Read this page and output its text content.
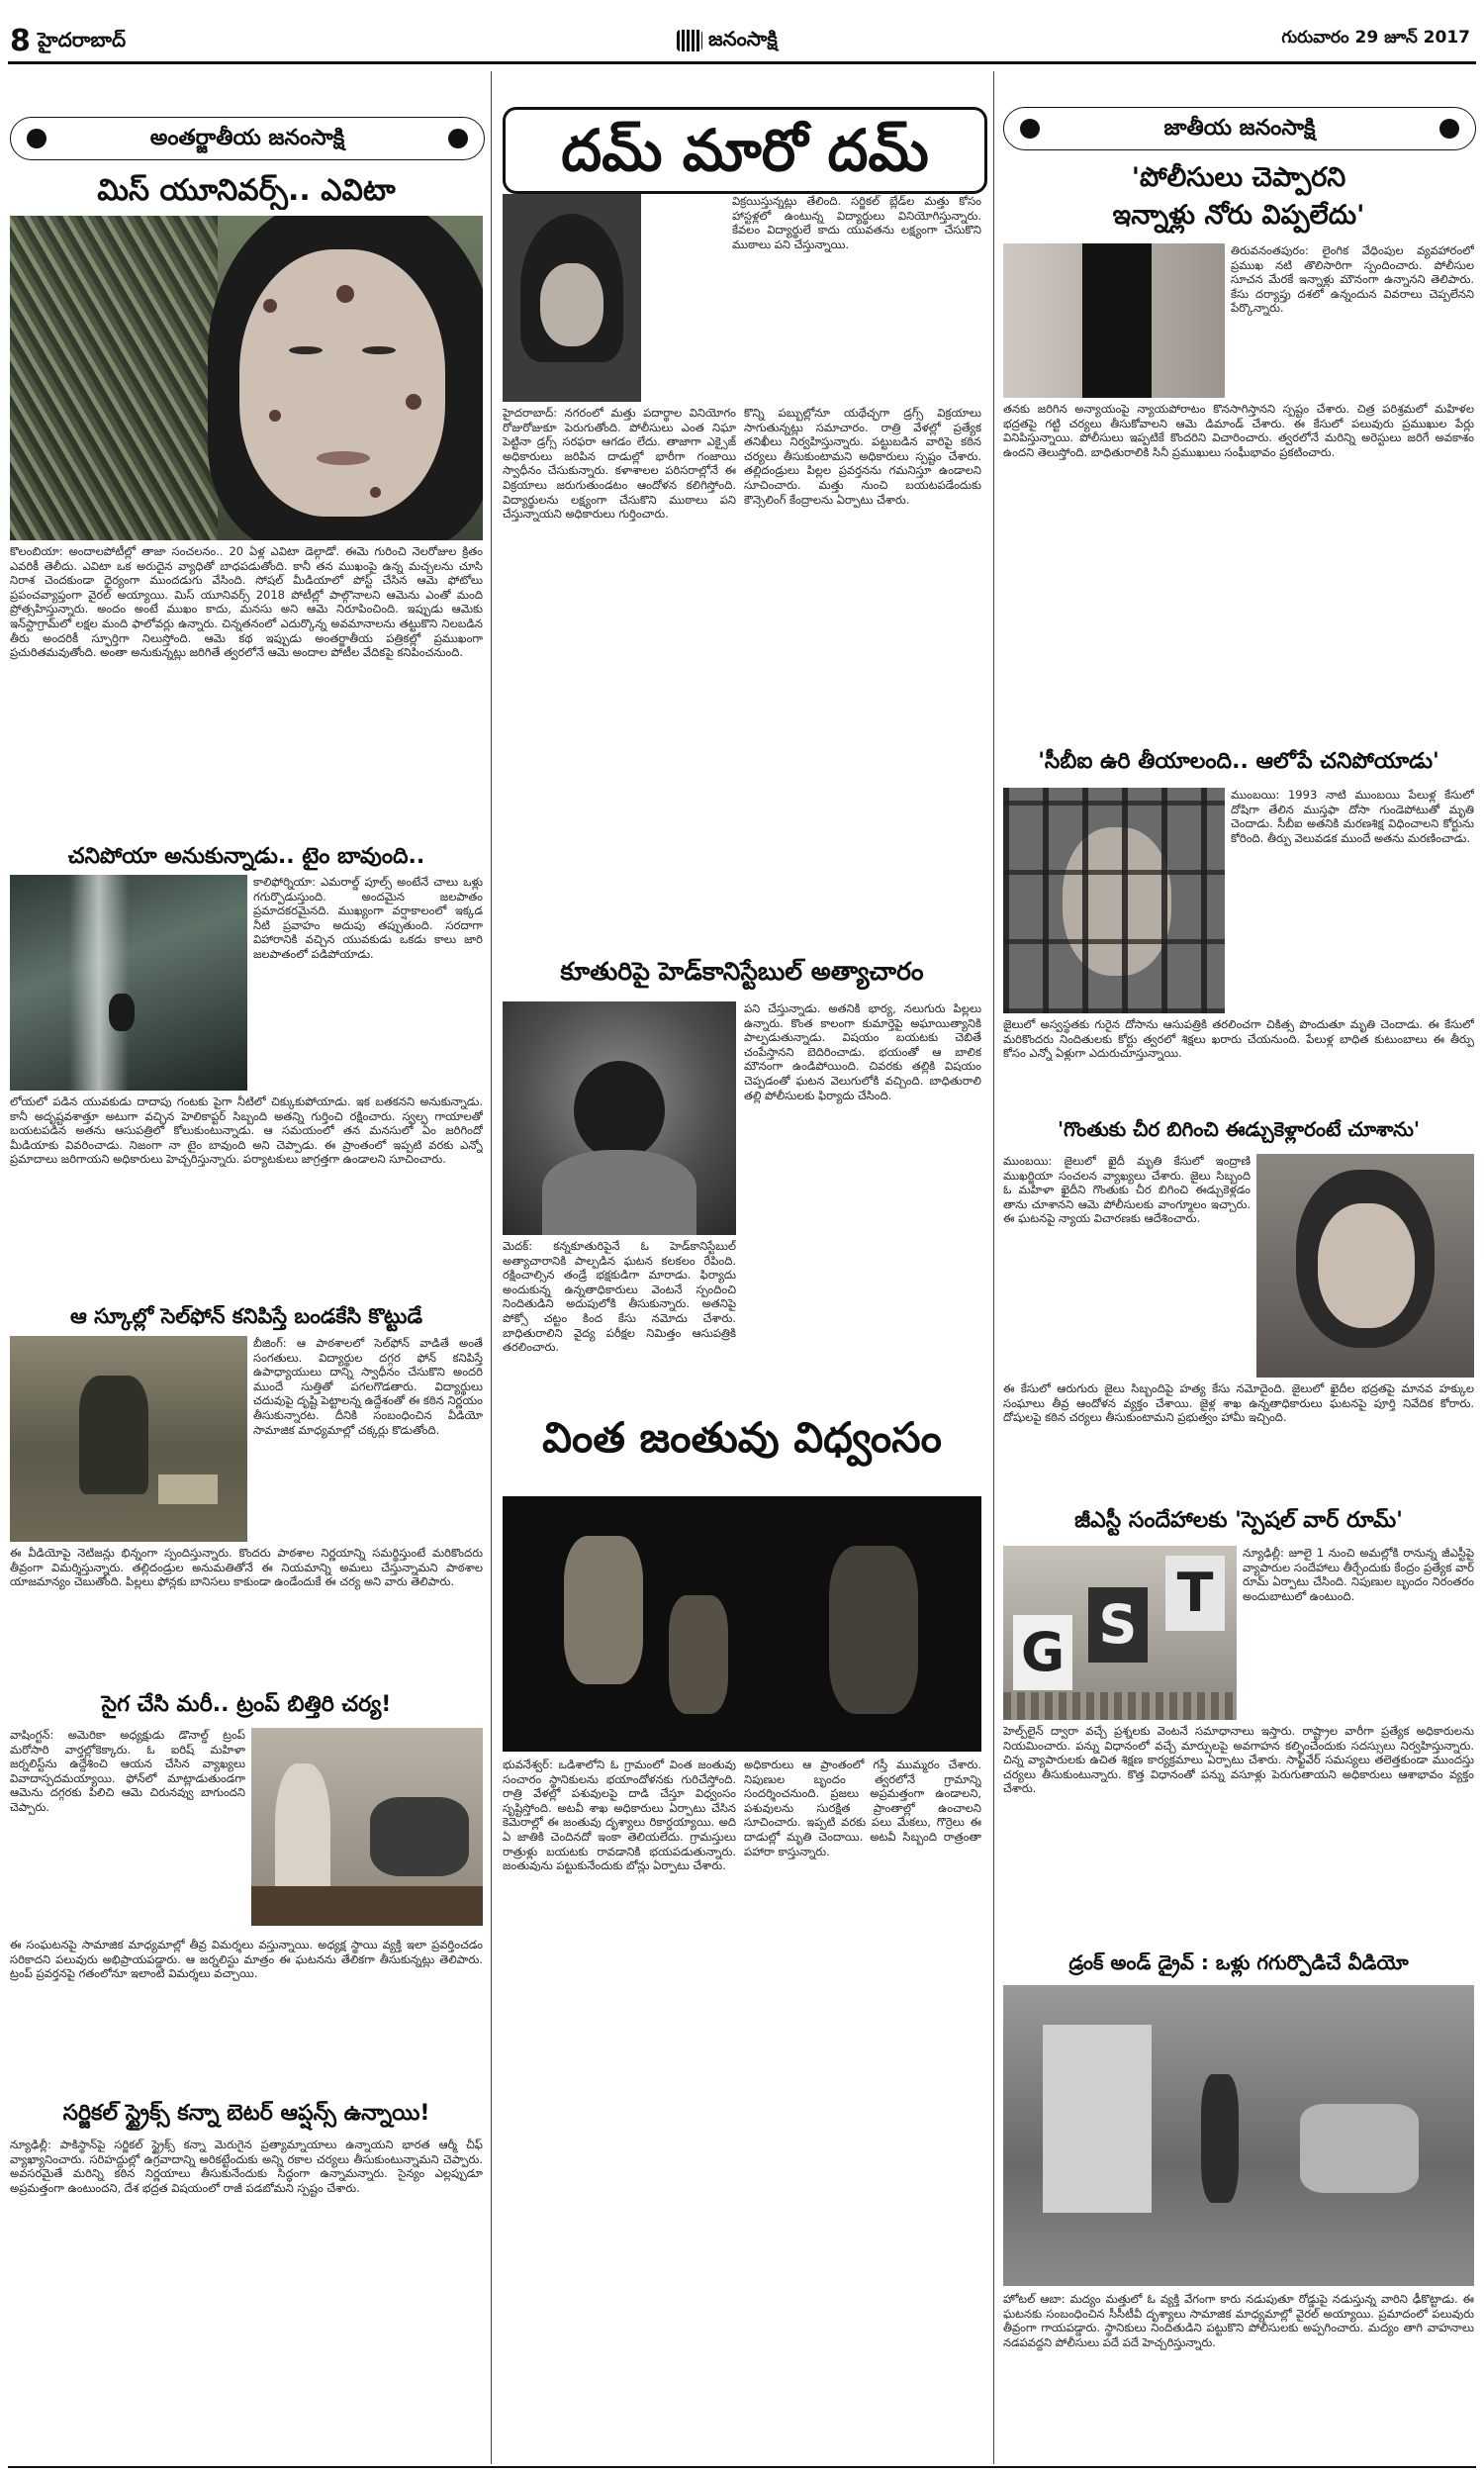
8 హైదరాబాద్	జనంసాక్షి	గురువారం 29 జూన్ 2017
అంతర్జాతీయ జనంసాక్షి
మిస్ యూనివర్స్.. ఎవిటా
కొలంబియా: అందాలపోటీల్లో తాజా సంచలనం.. 20 ఏళ్ల ఎవిటా డెల్గాడో. ఈమె గురించి నెలరోజుల క్రితం ఎవరికీ తెలీదు. ఎవిటా ఒక అరుదైన వ్యాధితో బాధపడుతోంది. కానీ తన ముఖంపై ఉన్న మచ్చలను చూసి నిరాశ చెందకుండా ధైర్యంగా ముందడుగు వేసింది. సోషల్ మీడియాలో పోస్ట్ చేసిన ఆమె ఫోటోలు ప్రపంచవ్యాప్తంగా వైరల్ అయ్యాయి. మిస్ యూనివర్స్ 2018 పోటీల్లో పాల్గొనాలని ఆమెను ఎంతో మంది ప్రోత్సహిస్తున్నారు. అందం అంటే ముఖం కాదు, మనసు అని ఆమె నిరూపించింది. ఇప్పుడు ఆమెకు ఇన్‌స్టాగ్రామ్‌లో లక్షల మంది ఫాలోవర్లు ఉన్నారు. చిన్నతనంలో ఎదుర్కొన్న అవమానాలను తట్టుకొని నిలబడిన తీరు అందరికీ స్ఫూర్తిగా నిలుస్తోంది. ఆమె కథ ఇప్పుడు అంతర్జాతీయ పత్రికల్లో ప్రముఖంగా ప్రచురితమవుతోంది. అంతా అనుకున్నట్లు జరిగితే త్వరలోనే ఆమె అందాల పోటీల వేదికపై కనిపించనుంది.
చనిపోయా అనుకున్నాడు.. టైం బావుంది..
కాలిఫోర్నియా: ఎమరాల్డ్ పూల్స్ అంటేనే చాలు ఒళ్లు గగుర్పొడుస్తుంది. అందమైన జలపాతం ప్రమాదకరమైనది. ముఖ్యంగా వర్షాకాలంలో ఇక్కడ నీటి ప్రవాహం అదుపు తప్పుతుంది. సరదాగా విహారానికి వచ్చిన యువకుడు ఒకడు కాలు జారి జలపాతంలో పడిపోయాడు.
లోయలో పడిన యువకుడు దాదాపు గంటకు పైగా నీటిలో చిక్కుకుపోయాడు. ఇక బతకనని అనుకున్నాడు. కానీ అదృష్టవశాత్తూ అటుగా వచ్చిన హెలికాప్టర్ సిబ్బంది అతన్ని గుర్తించి రక్షించారు. స్వల్ప గాయాలతో బయటపడిన అతను ఆసుపత్రిలో కోలుకుంటున్నాడు. ఆ సమయంలో తన మనసులో ఏం జరిగిందో మీడియాకు వివరించాడు. నిజంగా నా టైం బావుంది అని చెప్పాడు. ఈ ప్రాంతంలో ఇప్పటి వరకు ఎన్నో ప్రమాదాలు జరిగాయని అధికారులు హెచ్చరిస్తున్నారు. పర్యాటకులు జాగ్రత్తగా ఉండాలని సూచించారు.
ఆ స్కూల్లో సెల్‌ఫోన్ కనిపిస్తే బండకేసి కొట్టుడే
బీజింగ్: ఆ పాఠశాలలో సెల్‌ఫోన్ వాడితే అంతే సంగతులు. విద్యార్థుల దగ్గర ఫోన్ కనిపిస్తే ఉపాధ్యాయులు దాన్ని స్వాధీనం చేసుకొని అందరి ముందే సుత్తితో పగలగొడతారు. విద్యార్థులు చదువుపై దృష్టి పెట్టాలన్న ఉద్దేశంతో ఈ కఠిన నిర్ణయం తీసుకున్నారట. దీనికి సంబంధించిన వీడియో సామాజిక మాధ్యమాల్లో చక్కర్లు కొడుతోంది.
ఈ వీడియోపై నెటిజన్లు భిన్నంగా స్పందిస్తున్నారు. కొందరు పాఠశాల నిర్ణయాన్ని సమర్థిస్తుంటే మరికొందరు తీవ్రంగా విమర్శిస్తున్నారు. తల్లిదండ్రుల అనుమతితోనే ఈ నియమాన్ని అమలు చేస్తున్నామని పాఠశాల యాజమాన్యం చెబుతోంది. పిల్లలు ఫోన్లకు బానిసలు కాకుండా ఉండేందుకే ఈ చర్య అని వారు తెలిపారు.
సైగ చేసి మరీ.. ట్రంప్ బిత్తిరి చర్య!
వాషింగ్టన్: అమెరికా అధ్యక్షుడు డొనాల్డ్ ట్రంప్ మరోసారి వార్తల్లోకెక్కారు. ఓ ఐరిష్ మహిళా జర్నలిస్ట్‌ను ఉద్దేశించి ఆయన చేసిన వ్యాఖ్యలు వివాదాస్పదమయ్యాయి. ఫోన్‌లో మాట్లాడుతుండగా ఆమెను దగ్గరకు పిలిచి ఆమె చిరునవ్వు బాగుందని చెప్పారు.
ఈ సంఘటనపై సామాజిక మాధ్యమాల్లో తీవ్ర విమర్శలు వస్తున్నాయి. అధ్యక్ష స్థాయి వ్యక్తి ఇలా ప్రవర్తించడం సరికాదని పలువురు అభిప్రాయపడ్డారు. ఆ జర్నలిస్టు మాత్రం ఈ ఘటనను తేలికగా తీసుకున్నట్లు తెలిపారు. ట్రంప్ ప్రవర్తనపై గతంలోనూ ఇలాంటి విమర్శలు వచ్చాయి.
సర్జికల్ స్ట్రైక్స్ కన్నా బెటర్ ఆప్షన్స్ ఉన్నాయి!
న్యూఢిల్లీ: పాకిస్థాన్‌పై సర్జికల్ స్ట్రైక్స్ కన్నా మెరుగైన ప్రత్యామ్నాయాలు ఉన్నాయని భారత ఆర్మీ చీఫ్ వ్యాఖ్యానించారు. సరిహద్దుల్లో ఉగ్రవాదాన్ని అరికట్టేందుకు అన్ని రకాల చర్యలు తీసుకుంటున్నామని చెప్పారు. అవసరమైతే మరిన్ని కఠిన నిర్ణయాలు తీసుకునేందుకు సిద్ధంగా ఉన్నామన్నారు. సైన్యం ఎల్లప్పుడూ అప్రమత్తంగా ఉంటుందని, దేశ భద్రత విషయంలో రాజీ పడబోమని స్పష్టం చేశారు.
దమ్ మారో దమ్
విక్రయిస్తున్నట్లు తేలింది. సర్జికల్ బ్లేడ్‌ల మత్తు కోసం హాస్టళ్లలో ఉంటున్న విద్యార్థులు వినియోగిస్తున్నారు. కేవలం విద్యార్థులే కాదు యువతను లక్ష్యంగా చేసుకొని ముఠాలు పని చేస్తున్నాయి.
హైదరాబాద్: నగరంలో మత్తు పదార్థాల వినియోగం రోజురోజుకూ పెరుగుతోంది. పోలీసులు ఎంత నిఘా పెట్టినా డ్రగ్స్ సరఫరా ఆగడం లేదు. తాజాగా ఎక్సైజ్ అధికారులు జరిపిన దాడుల్లో భారీగా గంజాయి స్వాధీనం చేసుకున్నారు. కళాశాలల పరిసరాల్లోనే ఈ విక్రయాలు జరుగుతుండటం ఆందోళన కలిగిస్తోంది. విద్యార్థులను లక్ష్యంగా చేసుకొని ముఠాలు పని చేస్తున్నాయని అధికారులు గుర్తించారు.
కొన్ని పబ్బుల్లోనూ యథేచ్ఛగా డ్రగ్స్ విక్రయాలు సాగుతున్నట్లు సమాచారం. రాత్రి వేళల్లో ప్రత్యేక తనిఖీలు నిర్వహిస్తున్నారు. పట్టుబడిన వారిపై కఠిన చర్యలు తీసుకుంటామని అధికారులు స్పష్టం చేశారు. తల్లిదండ్రులు పిల్లల ప్రవర్తనను గమనిస్తూ ఉండాలని సూచించారు. మత్తు నుంచి బయటపడేందుకు కౌన్సెలింగ్ కేంద్రాలను ఏర్పాటు చేశారు.
కూతురిపై హెడ్‌కానిస్టేబుల్ అత్యాచారం
పని చేస్తున్నాడు. అతనికి భార్య, నలుగురు పిల్లలు ఉన్నారు. కొంత కాలంగా కుమార్తెపై అఘాయిత్యానికి పాల్పడుతున్నాడు. విషయం బయటకు చెబితే చంపేస్తానని బెదిరించాడు. భయంతో ఆ బాలిక మౌనంగా ఉండిపోయింది. చివరకు తల్లికి విషయం చెప్పడంతో ఘటన వెలుగులోకి వచ్చింది. బాధితురాలి తల్లి పోలీసులకు ఫిర్యాదు చేసింది.
మెదక్: కన్నకూతురిపైనే ఓ హెడ్‌కానిస్టేబుల్ అత్యాచారానికి పాల్పడిన ఘటన కలకలం రేపింది. రక్షించాల్సిన తండ్రే భక్షకుడిగా మారాడు. ఫిర్యాదు అందుకున్న ఉన్నతాధికారులు వెంటనే స్పందించి నిందితుడిని అదుపులోకి తీసుకున్నారు. అతనిపై పోక్సో చట్టం కింద కేసు నమోదు చేశారు. బాధితురాలిని వైద్య పరీక్షల నిమిత్తం ఆసుపత్రికి తరలించారు.
వింత జంతువు విధ్వంసం
భువనేశ్వర్: ఒడిశాలోని ఓ గ్రామంలో వింత జంతువు సంచారం స్థానికులను భయాందోళనకు గురిచేస్తోంది. రాత్రి వేళల్లో పశువులపై దాడి చేస్తూ విధ్వంసం సృష్టిస్తోంది. అటవీ శాఖ అధికారులు ఏర్పాటు చేసిన కెమెరాల్లో ఈ జంతువు దృశ్యాలు రికార్డయ్యాయి. అది ఏ జాతికి చెందినదో ఇంకా తెలియలేదు. గ్రామస్తులు రాత్రుళ్లు బయటకు రావడానికి భయపడుతున్నారు. జంతువును పట్టుకునేందుకు బోన్లు ఏర్పాటు చేశారు.
అధికారులు ఆ ప్రాంతంలో గస్తీ ముమ్మరం చేశారు. నిపుణుల బృందం త్వరలోనే గ్రామాన్ని సందర్శించనుంది. ప్రజలు అప్రమత్తంగా ఉండాలని, పశువులను సురక్షిత ప్రాంతాల్లో ఉంచాలని సూచించారు. ఇప్పటి వరకు పలు మేకలు, గొర్రెలు ఈ దాడుల్లో మృతి చెందాయి. అటవీ సిబ్బంది రాత్రంతా పహారా కాస్తున్నారు.
జాతీయ జనంసాక్షి
'పోలీసులు చెప్పారని
ఇన్నాళ్లు నోరు విప్పలేదు'
తిరువనంతపురం: లైంగిక వేధింపుల వ్యవహారంలో ప్రముఖ నటి తొలిసారిగా స్పందించారు. పోలీసుల సూచన మేరకే ఇన్నాళ్లు మౌనంగా ఉన్నానని తెలిపారు. కేసు దర్యాప్తు దశలో ఉన్నందున వివరాలు చెప్పలేనని పేర్కొన్నారు.
తనకు జరిగిన అన్యాయంపై న్యాయపోరాటం కొనసాగిస్తానని స్పష్టం చేశారు. చిత్ర పరిశ్రమలో మహిళల భద్రతపై గట్టి చర్యలు తీసుకోవాలని ఆమె డిమాండ్ చేశారు. ఈ కేసులో పలువురు ప్రముఖుల పేర్లు వినిపిస్తున్నాయి. పోలీసులు ఇప్పటికే కొందరిని విచారించారు. త్వరలోనే మరిన్ని అరెస్టులు జరిగే అవకాశం ఉందని తెలుస్తోంది. బాధితురాలికి సినీ ప్రముఖులు సంఘీభావం ప్రకటించారు.
'సీబీఐ ఉరి తీయాలంది.. ఆలోపే చనిపోయాడు'
ముంబయి: 1993 నాటి ముంబయి పేలుళ్ల కేసులో దోషిగా తేలిన ముస్తఫా దోసా గుండెపోటుతో మృతి చెందాడు. సీబీఐ అతనికి మరణశిక్ష విధించాలని కోర్టును కోరింది. తీర్పు వెలువడక ముందే అతను మరణించాడు.
జైలులో అస్వస్థతకు గురైన దోసాను ఆసుపత్రికి తరలించగా చికిత్స పొందుతూ మృతి చెందాడు. ఈ కేసులో మరికొందరు నిందితులకు కోర్టు త్వరలో శిక్షలు ఖరారు చేయనుంది. పేలుళ్ల బాధిత కుటుంబాలు ఈ తీర్పు కోసం ఎన్నో ఏళ్లుగా ఎదురుచూస్తున్నాయి.
'గొంతుకు చీర బిగించి ఈడ్చుకెళ్లారంటే చూశాను'
ముంబయి: జైలులో ఖైదీ మృతి కేసులో ఇంద్రాణి ముఖర్జియా సంచలన వ్యాఖ్యలు చేశారు. జైలు సిబ్బంది ఓ మహిళా ఖైదీని గొంతుకు చీర బిగించి ఈడ్చుకెళ్లడం తాను చూశానని ఆమె పోలీసులకు వాంగ్మూలం ఇచ్చారు. ఈ ఘటనపై న్యాయ విచారణకు ఆదేశించారు.
ఈ కేసులో ఆరుగురు జైలు సిబ్బందిపై హత్య కేసు నమోదైంది. జైలులో ఖైదీల భద్రతపై మానవ హక్కుల సంఘాలు తీవ్ర ఆందోళన వ్యక్తం చేశాయి. జైళ్ల శాఖ ఉన్నతాధికారులు ఘటనపై పూర్తి నివేదిక కోరారు. దోషులపై కఠిన చర్యలు తీసుకుంటామని ప్రభుత్వం హామీ ఇచ్చింది.
జీఎస్టీ సందేహాలకు 'స్పెషల్ వార్ రూమ్'
G S
T
న్యూఢిల్లీ: జూలై 1 నుంచి అమల్లోకి రానున్న జీఎస్టీపై వ్యాపారుల సందేహాలు తీర్చేందుకు కేంద్రం ప్రత్యేక వార్ రూమ్ ఏర్పాటు చేసింది. నిపుణుల బృందం నిరంతరం అందుబాటులో ఉంటుంది.
హెల్ప్‌లైన్ ద్వారా వచ్చే ప్రశ్నలకు వెంటనే సమాధానాలు ఇస్తారు. రాష్ట్రాల వారీగా ప్రత్యేక అధికారులను నియమించారు. పన్ను విధానంలో వచ్చే మార్పులపై అవగాహన కల్పించేందుకు సదస్సులు నిర్వహిస్తున్నారు. చిన్న వ్యాపారులకు ఉచిత శిక్షణ కార్యక్రమాలు ఏర్పాటు చేశారు. సాఫ్ట్‌వేర్ సమస్యలు తలెత్తకుండా ముందస్తు చర్యలు తీసుకుంటున్నారు. కొత్త విధానంతో పన్ను వసూళ్లు పెరుగుతాయని అధికారులు ఆశాభావం వ్యక్తం చేశారు.
డ్రంక్ అండ్ డ్రైవ్ : ఒళ్లు గగుర్పొడిచే వీడియో
హోటల్ ఆబా: మద్యం మత్తులో ఓ వ్యక్తి వేగంగా కారు నడుపుతూ రోడ్డుపై నడుస్తున్న వారిని ఢీకొట్టాడు. ఈ ఘటనకు సంబంధించిన సీసీటీవీ దృశ్యాలు సామాజిక మాధ్యమాల్లో వైరల్ అయ్యాయి. ప్రమాదంలో పలువురు తీవ్రంగా గాయపడ్డారు. స్థానికులు నిందితుడిని పట్టుకొని పోలీసులకు అప్పగించారు. మద్యం తాగి వాహనాలు నడపవద్దని పోలీసులు పదే పదే హెచ్చరిస్తున్నారు.
